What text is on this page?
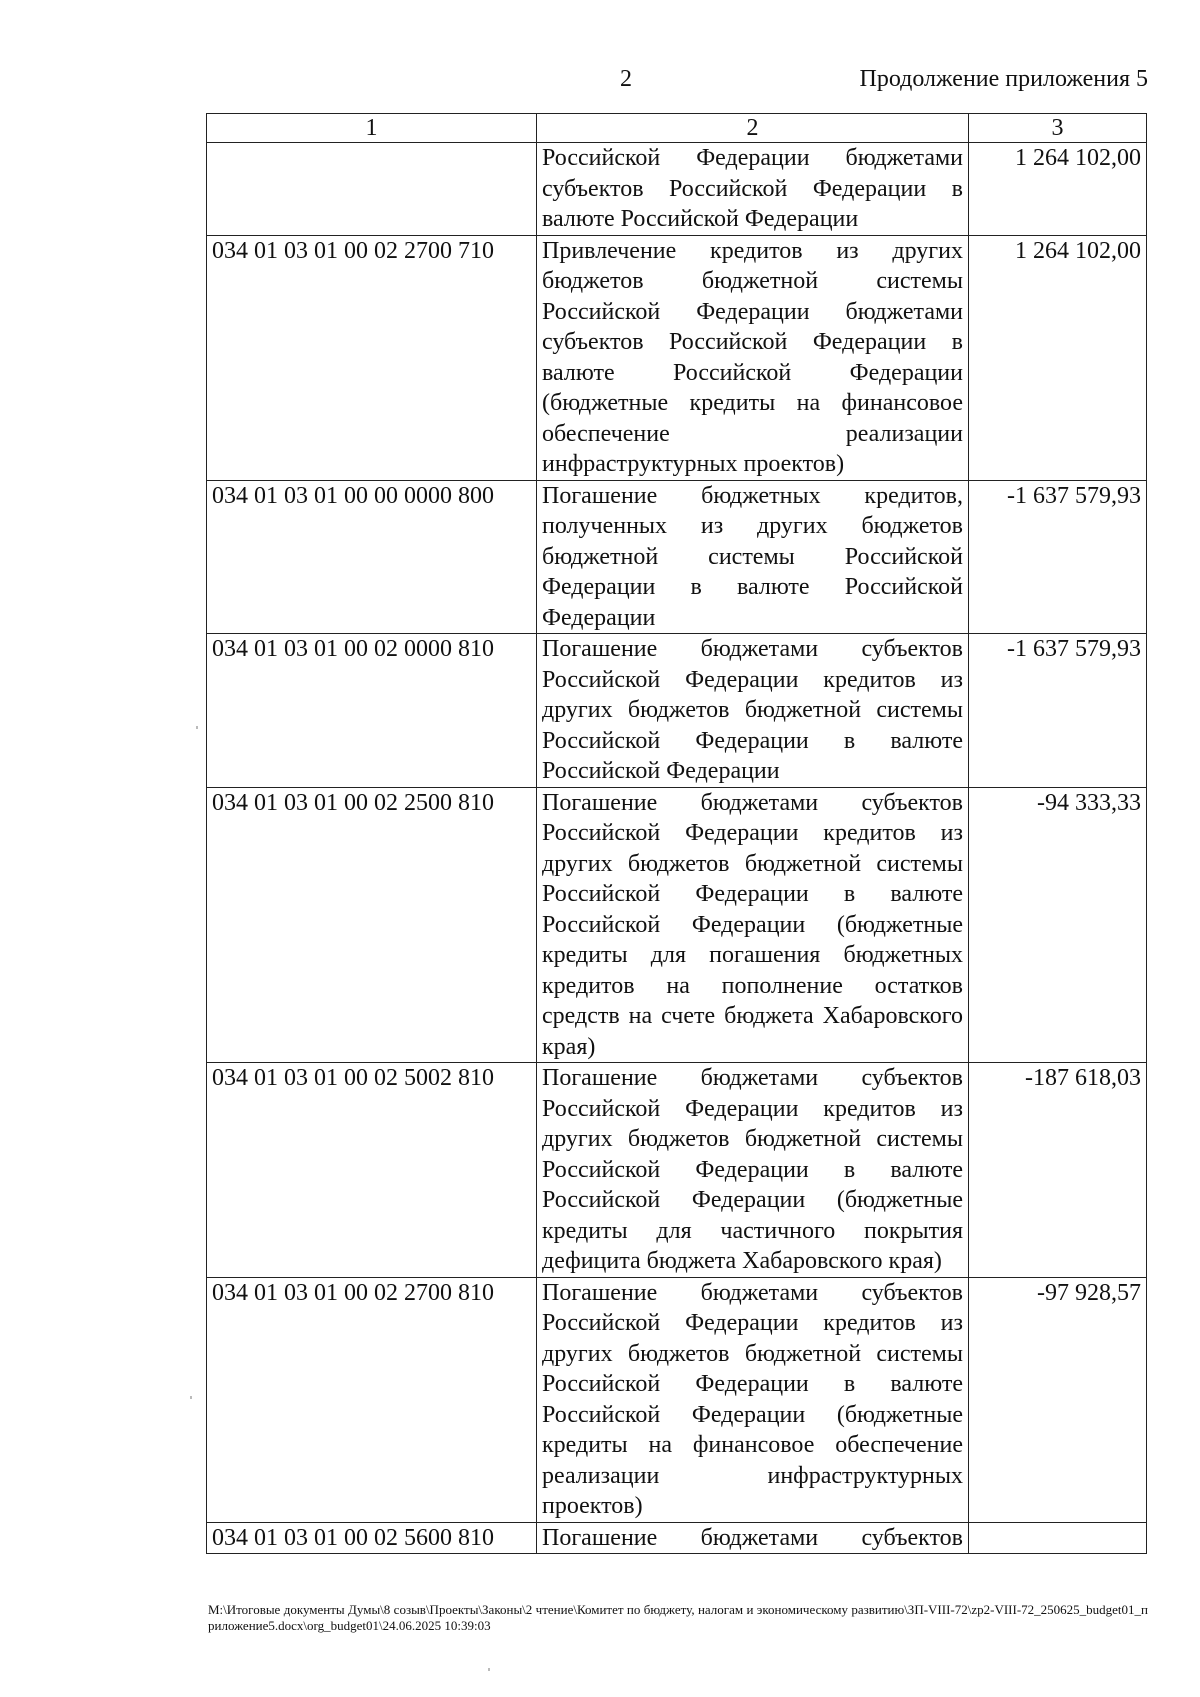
2	Продолжение приложения 5
1	2	3
	Российской Федерации бюджетами субъектов Российской Федерации в валюте Российской Федерации	1 264 102,00
034 01 03 01 00 02 2700 710	Привлечение кредитов из других бюджетов бюджетной системы Российской Федерации бюджетами субъектов Российской Федерации в валюте Российской Федерации (бюджетные кредиты на финансовое обеспечение реализации инфраструктурных проектов)	1 264 102,00
034 01 03 01 00 00 0000 800	Погашение бюджетных кредитов, полученных из других бюджетов бюджетной системы Российской Федерации в валюте Российской Федерации	-1 637 579,93
034 01 03 01 00 02 0000 810	Погашение бюджетами субъектов Российской Федерации кредитов из других бюджетов бюджетной системы Российской Федерации в валюте Российской Федерации	-1 637 579,93
034 01 03 01 00 02 2500 810	Погашение бюджетами субъектов Российской Федерации кредитов из других бюджетов бюджетной системы Российской Федерации в валюте Российской Федерации (бюджетные кредиты для погашения бюджетных кредитов на пополнение остатков средств на счете бюджета Хабаровского края)	-94 333,33
034 01 03 01 00 02 5002 810	Погашение бюджетами субъектов Российской Федерации кредитов из других бюджетов бюджетной системы Российской Федерации в валюте Российской Федерации (бюджетные кредиты для частичного покрытия дефицита бюджета Хабаровского края)	-187 618,03
034 01 03 01 00 02 2700 810	Погашение бюджетами субъектов Российской Федерации кредитов из других бюджетов бюджетной системы Российской Федерации в валюте Российской Федерации (бюджетные кредиты на финансовое обеспечение реализации инфраструктурных проектов)	-97 928,57
034 01 03 01 00 02 5600 810	Погашение бюджетами субъектов	
M:\Итоговые документы Думы\8 созыв\Проекты\Законы\2 чтение\Комитет по бюджету, налогам и экономическому развитию\ЗП-VIII-72\zp2-VIII-72_250625_budget01_приложение5.docx\org_budget01\24.06.2025 10:39:03
